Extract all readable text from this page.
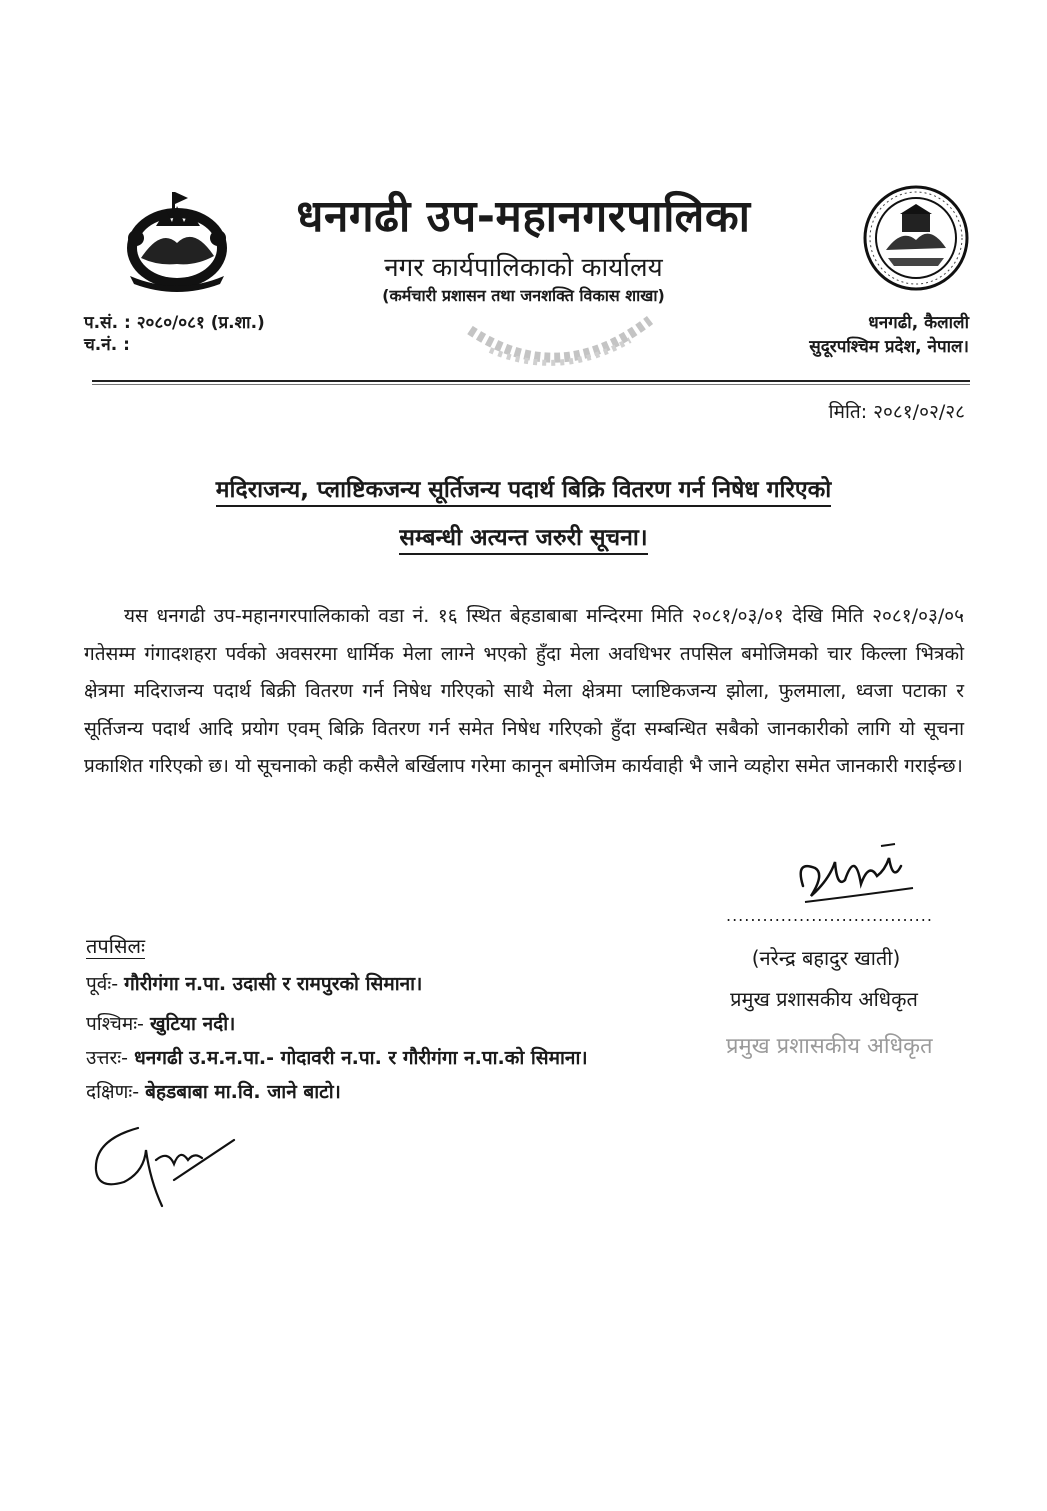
धनगढी उप-महानगरपालिका
नगर कार्यपालिकाको कार्यालय
(कर्मचारी प्रशासन तथा जनशक्ति विकास शाखा)
प.सं. : २०८०/०८१ (प्र.शा.)
च.नं. :
धनगढी, कैलाली
सुदूरपश्चिम प्रदेश, नेपाल।
मिति: २०८१/०२/२८
मदिराजन्य, प्लाष्टिकजन्य सूर्तिजन्य पदार्थ बिक्रि वितरण गर्न निषेध गरिएको
सम्बन्धी अत्यन्त जरुरी सूचना।
यस धनगढी उप-महानगरपालिकाको वडा नं. १६ स्थित बेहडाबाबा मन्दिरमा मिति २०८१/०३/०१ देखि मिति २०८१/०३/०५ गतेसम्म गंगादशहरा पर्वको अवसरमा धार्मिक मेला लाग्ने भएको हुँदा मेला अवधिभर तपसिल बमोजिमको चार किल्ला भित्रको क्षेत्रमा मदिराजन्य पदार्थ बिक्री वितरण गर्न निषेध गरिएको साथै मेला क्षेत्रमा प्लाष्टिकजन्य झोला, फुलमाला, ध्वजा पटाका र सूर्तिजन्य पदार्थ आदि प्रयोग एवम् बिक्रि वितरण गर्न समेत निषेध गरिएको हुँदा सम्बन्धित सबैको जानकारीको लागि यो सूचना प्रकाशित गरिएको छ। यो सूचनाको कही कसैले बर्खिलाप गरेमा कानून बमोजिम कार्यवाही भै जाने व्यहोरा समेत जानकारी गराईन्छ।
..................................
(नरेन्द्र बहादुर खाती)
प्रमुख प्रशासकीय अधिकृत
प्रमुख प्रशासकीय अधिकृत
तपसिलः
पूर्वः- गौरीगंगा न.पा. उदासी र रामपुरको सिमाना।
पश्चिमः- खुटिया नदी।
उत्तरः- धनगढी उ.म.न.पा.- गोदावरी न.पा. र गौरीगंगा न.पा.को सिमाना।
दक्षिणः- बेहडबाबा मा.वि. जाने बाटो।
